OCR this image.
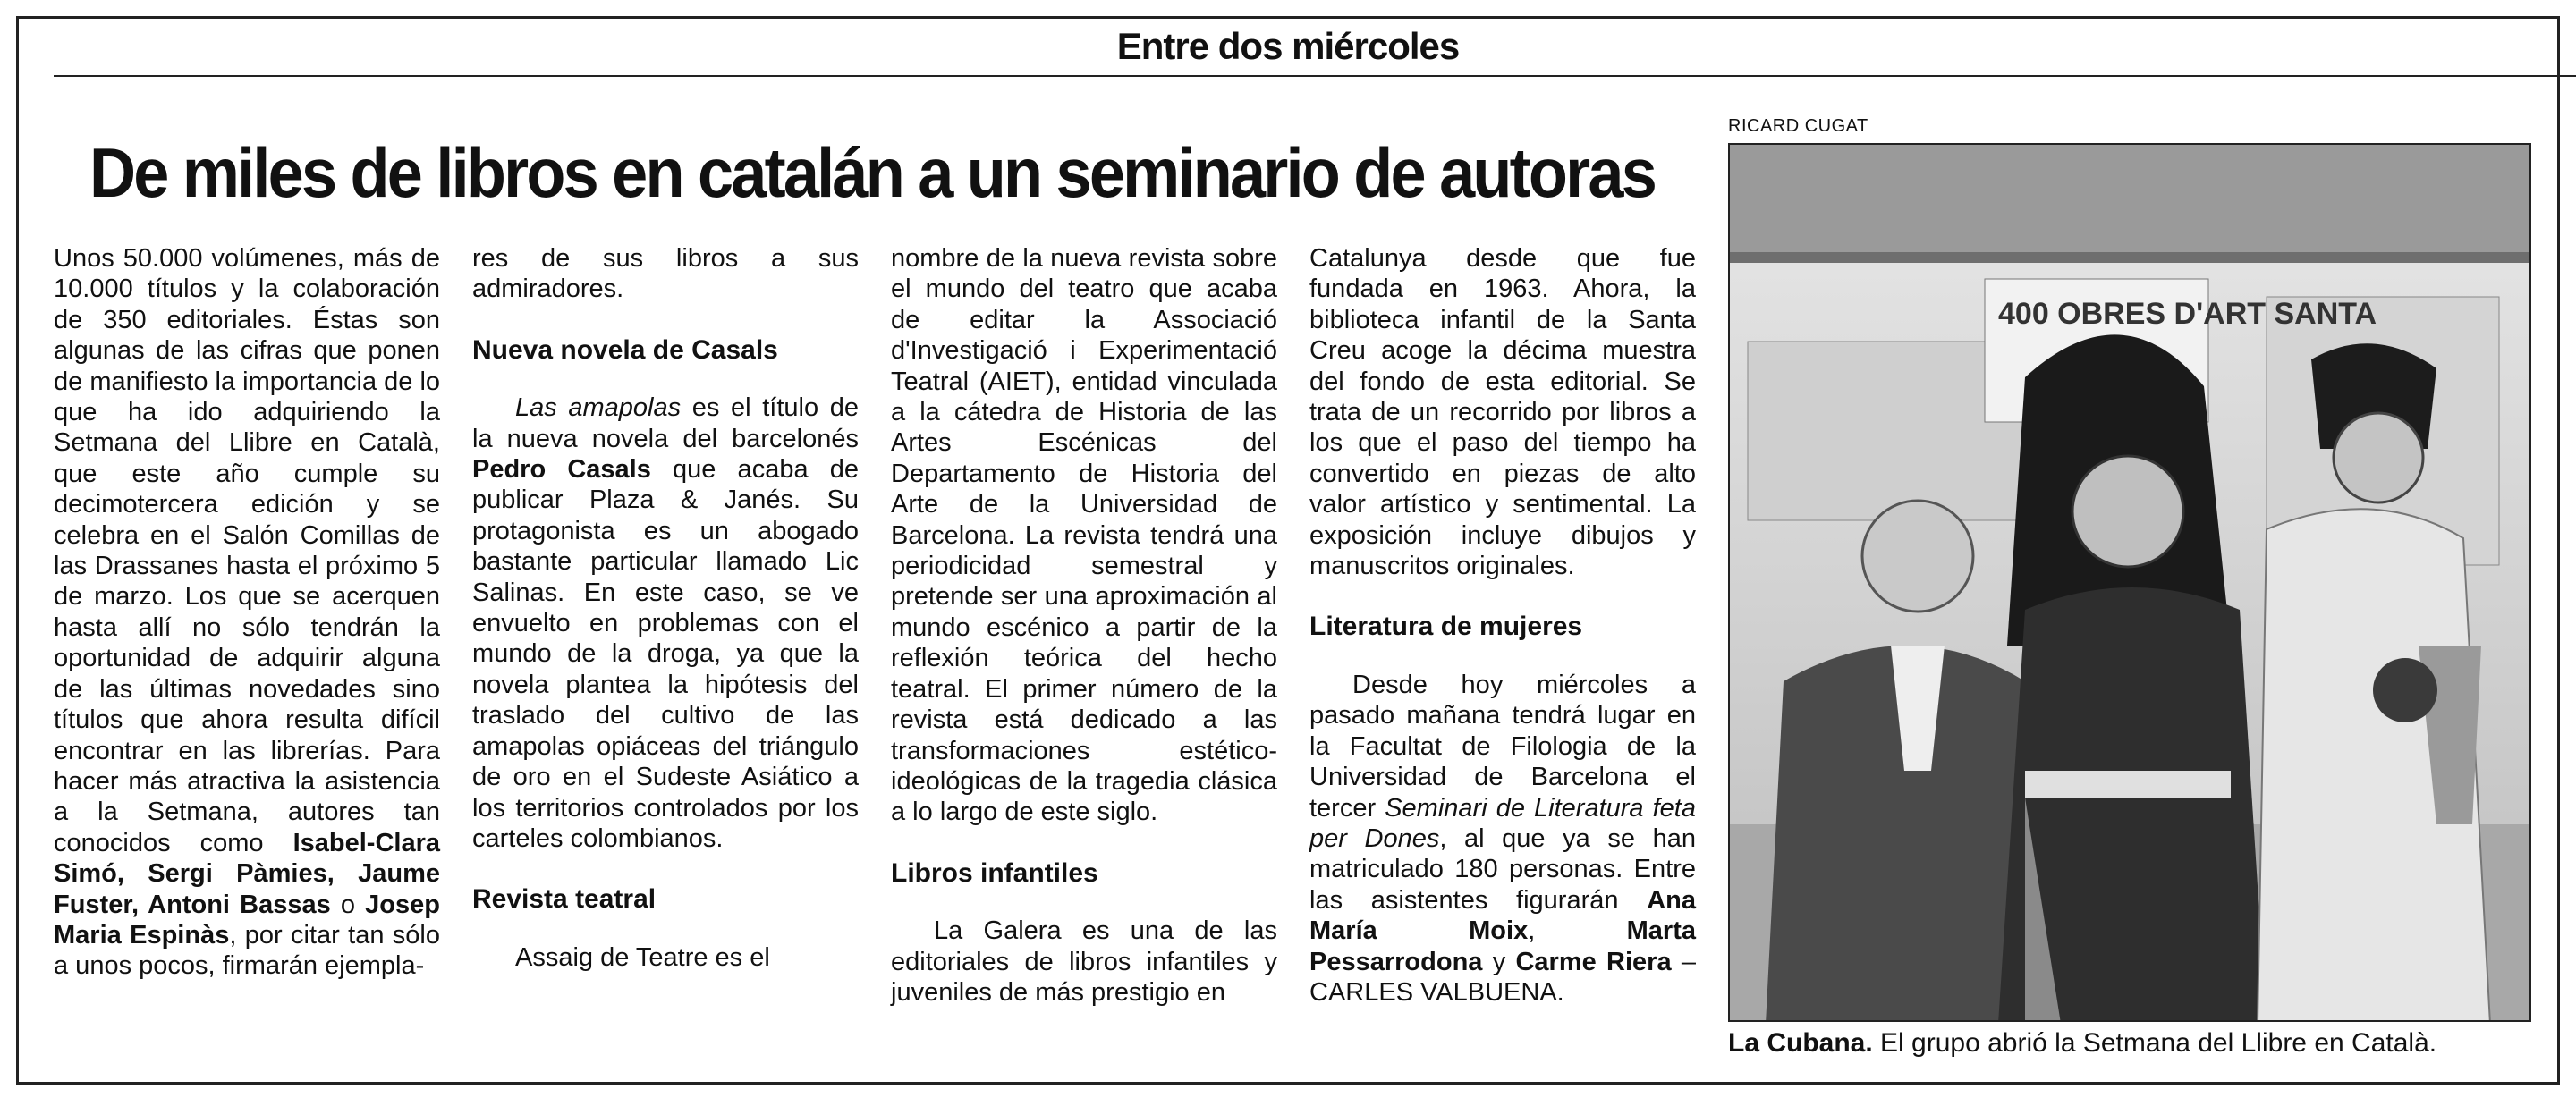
Entre dos miércoles
De miles de libros en catalán a un seminario de autoras

Unos 50.000 volúmenes, más de 10.000 títulos y la colaboración de 350 editoriales. Éstas son algunas de las cifras que ponen de manifiesto la importancia de lo que ha ido adquiriendo la Setmana del Llibre en Català, que este año cumple su decimotercera edición y se celebra en el Salón Comillas de las Drassanes hasta el próximo 5 de marzo. Los que se acerquen hasta allí no sólo tendrán la oportunidad de adquirir alguna de las últimas novedades sino títulos que ahora resulta difícil encontrar en las librerías. Para hacer más atractiva la asistencia a la Setmana, autores tan conocidos como Isabel-Clara Simó, Sergi Pàmies, Jaume Fuster, Antoni Bassas o Josep Maria Espinàs, por citar tan sólo a unos pocos, firmarán ejempla-

res de sus libros a sus admiradores.

Nueva novela de Casals

Las amapolas es el título de la nueva novela del barcelonés Pedro Casals que acaba de publicar Plaza & Janés. Su protagonista es un abogado bastante particular llamado Lic Salinas. En este caso, se ve envuelto en problemas con el mundo de la droga, ya que la novela plantea la hipótesis del traslado del cultivo de las amapolas opiáceas del triángulo de oro en el Sudeste Asiático a los territorios controlados por los carteles colombianos.

Revista teatral

Assaig de Teatre es el

nombre de la nueva revista sobre el mundo del teatro que acaba de editar la Associació d'Investigació i Experimentació Teatral (AIET), entidad vinculada a la cátedra de Historia de las Artes Escénicas del Departamento de Historia del Arte de la Universidad de Barcelona. La revista tendrá una periodicidad semestral y pretende ser una aproximación al mundo escénico a partir de la reflexión teórica del hecho teatral. El primer número de la revista está dedicado a las transformaciones estético-ideológicas de la tragedia clásica a lo largo de este siglo.

Libros infantiles

La Galera es una de las editoriales de libros infantiles y juveniles de más prestigio en

Catalunya desde que fue fundada en 1963. Ahora, la biblioteca infantil de la Santa Creu acoge la décima muestra del fondo de esta editorial. Se trata de un recorrido por libros a los que el paso del tiempo ha convertido en piezas de alto valor artístico y sentimental. La exposición incluye dibujos y manuscritos originales.

Literatura de mujeres

Desde hoy miércoles a pasado mañana tendrá lugar en la Facultat de Filologia de la Universidad de Barcelona el tercer Seminari de Literatura feta per Dones, al que ya se han matriculado 180 personas. Entre las asistentes figurarán Ana María Moix, Marta Pessarrodona y Carme Riera – CARLES VALBUENA.

RICARD CUGAT
400 OBRES D'ART SANTA
La Cubana. El grupo abrió la Setmana del Llibre en Català.
